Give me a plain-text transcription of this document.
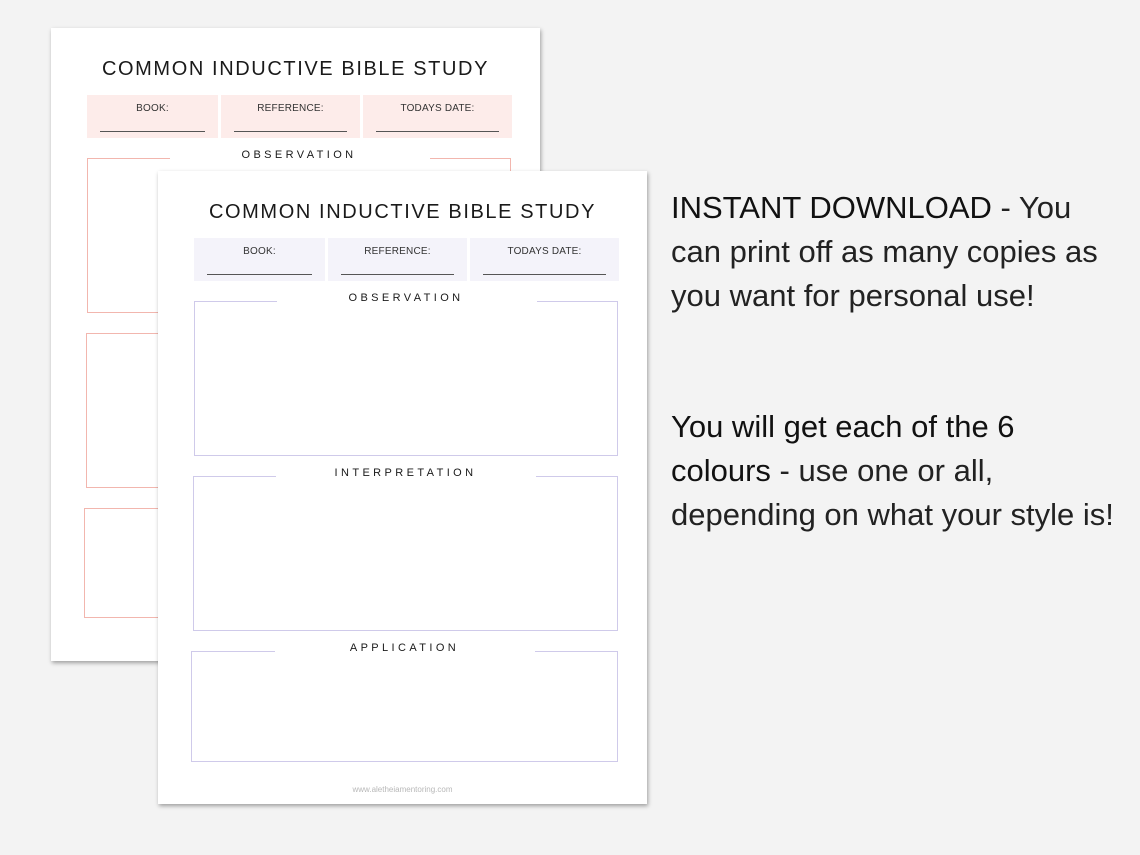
COMMON INDUCTIVE BIBLE STUDY
BOOK:	REFERENCE:	TODAYS DATE:
OBSERVATION
COMMON INDUCTIVE BIBLE STUDY
BOOK:	REFERENCE:	TODAYS DATE:
OBSERVATION
INTERPRETATION
APPLICATION
www.aletheiamentoring.com
INSTANT DOWNLOAD - You can print off as many copies as you want for personal use!
You will get each of the 6 colours - use one or all, depending on what your style is!
